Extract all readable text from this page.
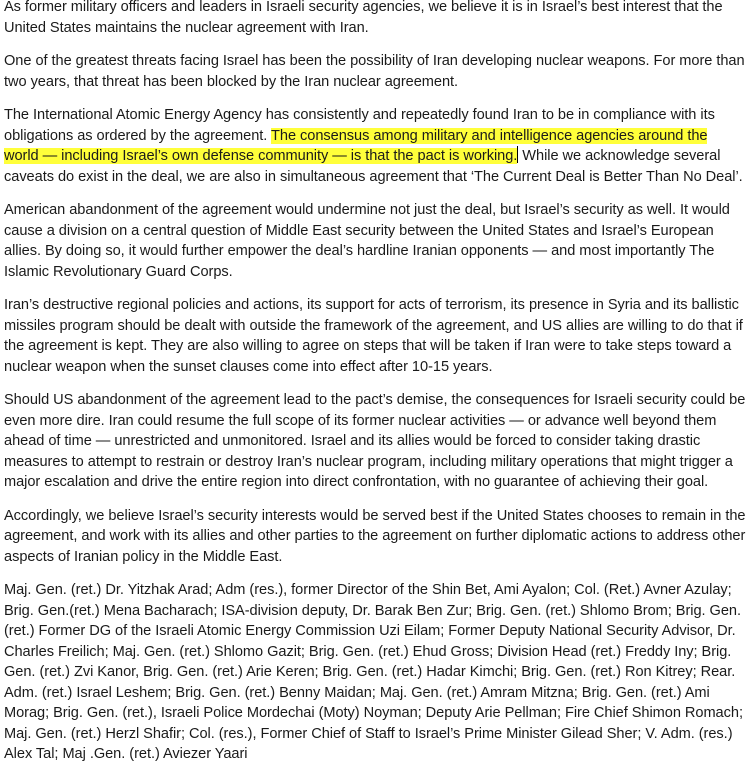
As former military officers and leaders in Israeli security agencies, we believe it is in Israel’s best interest that the United States maintains the nuclear agreement with Iran.

One of the greatest threats facing Israel has been the possibility of Iran developing nuclear weapons. For more than two years, that threat has been blocked by the Iran nuclear agreement.

The International Atomic Energy Agency has consistently and repeatedly found Iran to be in compliance with its obligations as ordered by the agreement. The consensus among military and intelligence agencies around the world — including Israel’s own defense community — is that the pact is working. While we acknowledge several caveats do exist in the deal, we are also in simultaneous agreement that ‘The Current Deal is Better Than No Deal’.

American abandonment of the agreement would undermine not just the deal, but Israel’s security as well. It would cause a division on a central question of Middle East security between the United States and Israel’s European allies. By doing so, it would further empower the deal’s hardline Iranian opponents — and most importantly The Islamic Revolutionary Guard Corps.

Iran’s destructive regional policies and actions, its support for acts of terrorism, its presence in Syria and its ballistic missiles program should be dealt with outside the framework of the agreement, and US allies are willing to do that if the agreement is kept. They are also willing to agree on steps that will be taken if Iran were to take steps toward a nuclear weapon when the sunset clauses come into effect after 10-15 years.

Should US abandonment of the agreement lead to the pact’s demise, the consequences for Israeli security could be even more dire. Iran could resume the full scope of its former nuclear activities — or advance well beyond them ahead of time — unrestricted and unmonitored. Israel and its allies would be forced to consider taking drastic measures to attempt to restrain or destroy Iran’s nuclear program, including military operations that might trigger a major escalation and drive the entire region into direct confrontation, with no guarantee of achieving their goal.

Accordingly, we believe Israel’s security interests would be served best if the United States chooses to remain in the agreement, and work with its allies and other parties to the agreement on further diplomatic actions to address other aspects of Iranian policy in the Middle East.

Maj. Gen. (ret.) Dr. Yitzhak Arad; Adm (res.), former Director of the Shin Bet, Ami Ayalon; Col. (Ret.) Avner Azulay; Brig. Gen.(ret.) Mena Bacharach; ISA-division deputy, Dr. Barak Ben Zur; Brig. Gen. (ret.) Shlomo Brom; Brig. Gen. (ret.) Former DG of the Israeli Atomic Energy Commission Uzi Eilam; Former Deputy National Security Advisor, Dr. Charles Freilich; Maj. Gen. (ret.) Shlomo Gazit; Brig. Gen. (ret.) Ehud Gross; Division Head (ret.) Freddy Iny; Brig. Gen. (ret.) Zvi Kanor, Brig. Gen. (ret.) Arie Keren; Brig. Gen. (ret.) Hadar Kimchi; Brig. Gen. (ret.) Ron Kitrey; Rear. Adm. (ret.) Israel Leshem; Brig. Gen. (ret.) Benny Maidan; Maj. Gen. (ret.) Amram Mitzna; Brig. Gen. (ret.) Ami Morag; Brig. Gen. (ret.), Israeli Police Mordechai (Moty) Noyman; Deputy Arie Pellman; Fire Chief Shimon Romach; Maj. Gen. (ret.) Herzl Shafir; Col. (res.), Former Chief of Staff to Israel’s Prime Minister Gilead Sher; V. Adm. (res.) Alex Tal; Maj .Gen. (ret.) Aviezer Yaari
